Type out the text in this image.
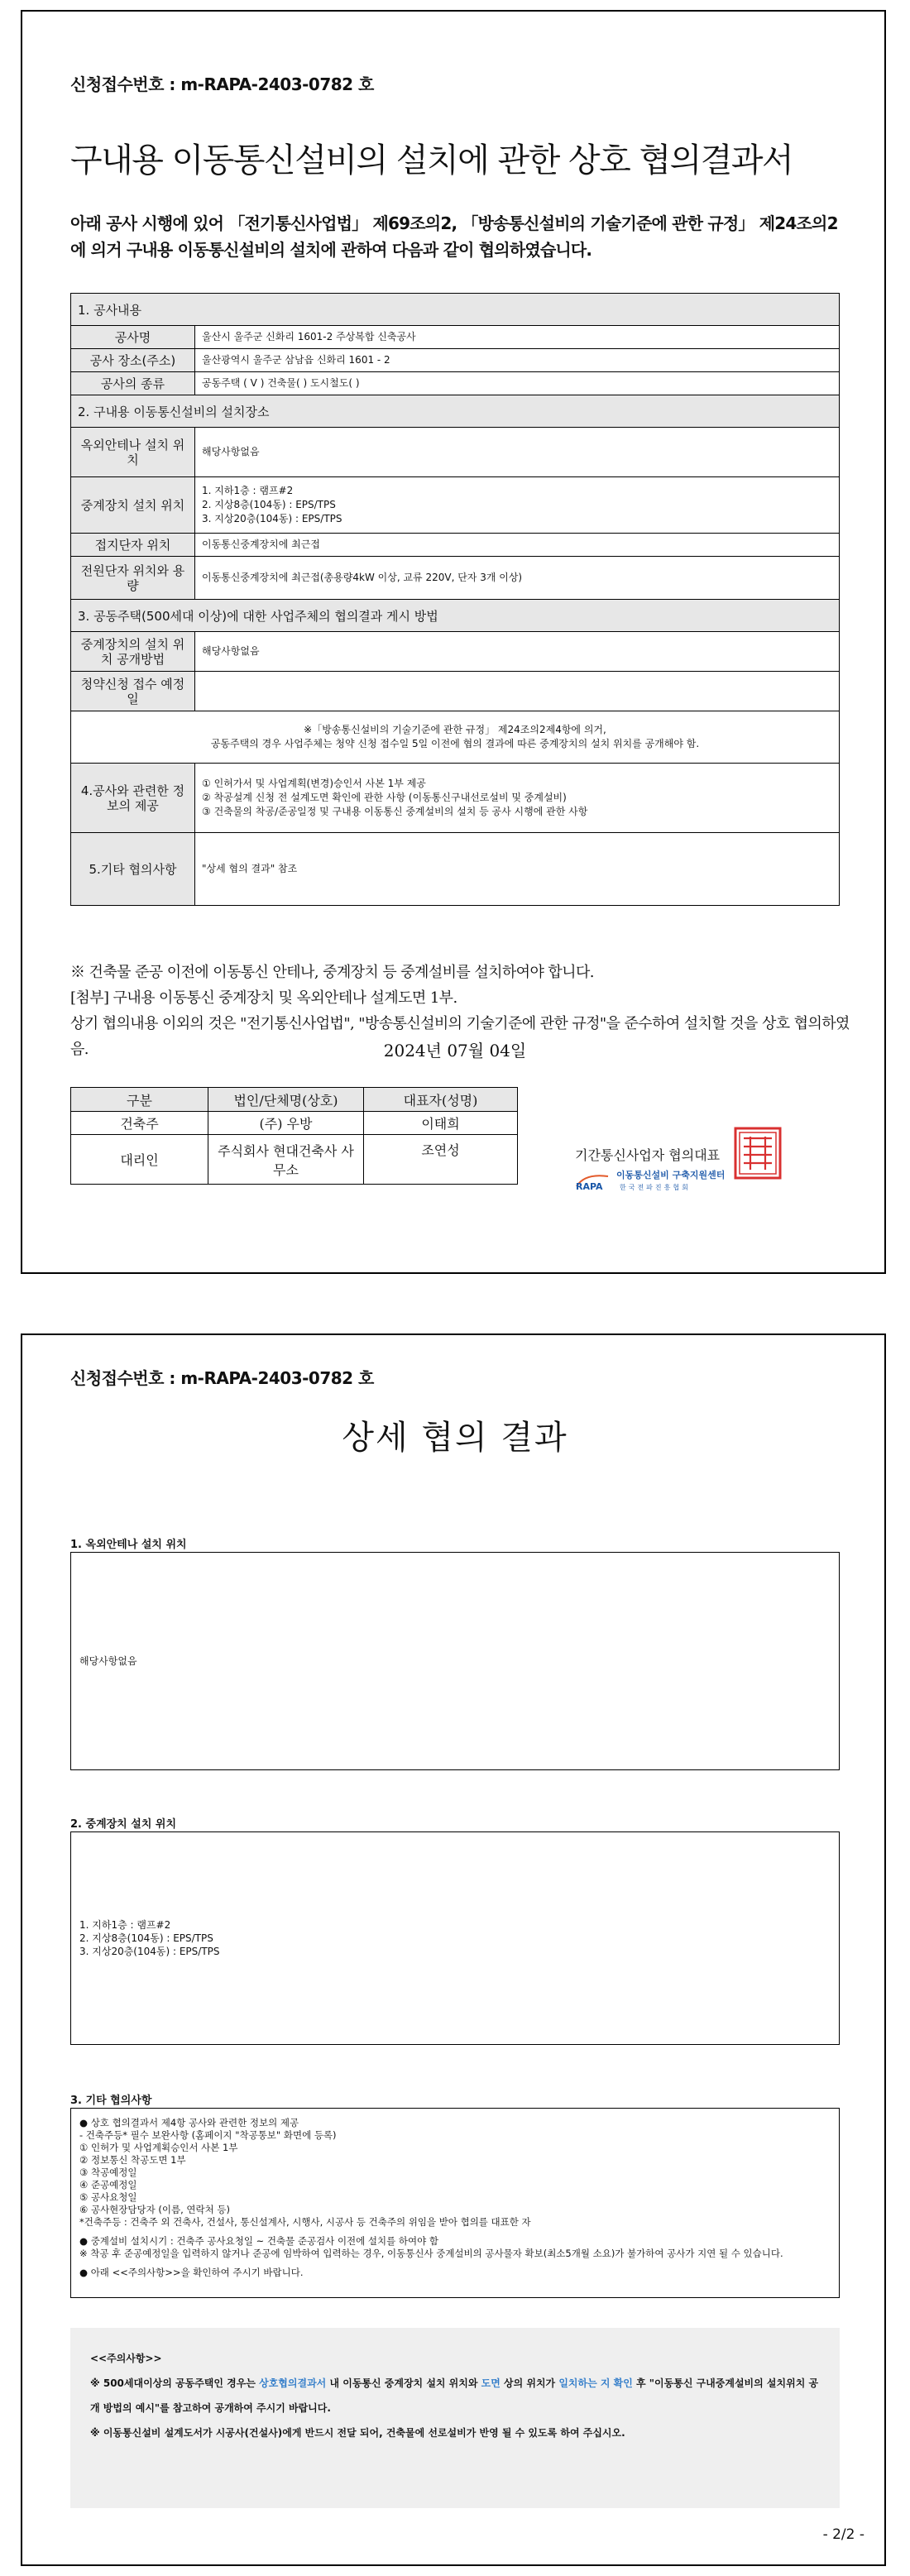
신청접수번호 : m-RAPA-2403-0782 호
구내용 이동통신설비의 설치에 관한 상호 협의결과서
아래 공사 시행에 있어 「전기통신사업법」 제69조의2, 「방송통신설비의 기술기준에 관한 규정」 제24조의2에 의거 구내용 이동통신설비의 설치에 관하여 다음과 같이 협의하였습니다.
1. 공사내용	
공사명	울산시 울주군 신화리 1601-2 주상복합 신축공사
공사 장소(주소)	울산광역시 울주군 삼남읍 신화리 1601 - 2
공사의 종류	공동주택 ( V ) 건축물( ) 도시철도( )
2. 구내용 이동통신설비의 설치장소	
옥외안테나 설치 위치	해당사항없음
중계장치 설치 위치	1. 지하1층 : 램프#2
2. 지상8층(104동) : EPS/TPS
3. 지상20층(104동) : EPS/TPS

접지단자 위치	이동통신중계장치에 최근접
전원단자 위치와 용량	이동통신중계장치에 최근접(총용량4kW 이상, 교류 220V, 단자 3개 이상)
3. 공동주택(500세대 이상)에 대한 사업주체의 협의결과 게시 방법	
중계장치의 설치 위치 공개방법	해당사항없음
청약신청 접수 예정일	

※「방송통신설비의 기술기준에 관한 규정」 제24조의2제4항에 의거,
공동주택의 경우 사업주체는 청약 신청 접수일 5일 이전에 협의 결과에 따른 중계장치의 설치 위치를 공개해야 함.	

4.공사와 관련한 정보의 제공	① 인허가서 및 사업계획(변경)승인서 사본 1부 제공
② 착공설계 신청 전 설계도면 확인에 관한 사항 (이동통신구내선로설비 및 중계설비)
③ 건축물의 착공/준공일정 및 구내용 이동통신 중계설비의 설치 등 공사 시행에 관한 사항

5.기타 협의사항	"상세 협의 결과" 참조
※ 건축물 준공 이전에 이동통신 안테나, 중계장치 등 중계설비를 설치하여야 합니다.
[첨부] 구내용 이동통신 중계장치 및 옥외안테나 설계도면 1부.
상기 협의내용 이외의 것은 "전기통신사업법", "방송통신설비의 기술기준에 관한 규정"을 준수하여 설치할 것을 상호 협의하였음.	2024년 07월 04일
구분	법인/단체명(상호)	대표자(성명)
건축주	(주) 우방	이태희
대리인	주식회사 현대건축사 사무소	조연성	기간통신사업자 협의대표
RAPA
이동통신설비 구축지원센터
한국전파진흥협회
신청접수번호 : m-RAPA-2403-0782 호
상세 협의 결과
1. 옥외안테나 설치 위치
해당사항없음
2. 중계장치 설치 위치
1. 지하1층 : 램프#2
2. 지상8층(104동) : EPS/TPS
3. 지상20층(104동) : EPS/TPS
3. 기타 협의사항
● 상호 협의결과서 제4항 공사와 관련한 정보의 제공
- 건축주등* 필수 보완사항 (홈페이지 "착공통보" 화면에 등록)
① 인허가 및 사업계획승인서 사본 1부
② 정보통신 착공도면 1부
③ 착공예정일
④ 준공예정일
⑤ 공사요청일
⑥ 공사현장담당자 (이름, 연락처 등)
*건축주등 : 건축주 외 건축사, 건설사, 통신설계사, 시행사, 시공사 등 건축주의 위임을 받아 협의를 대표한 자
● 중계설비 설치시기 : 건축주 공사요청일 ~ 건축물 준공검사 이전에 설치를 하여야 함
※ 착공 후 준공예정일을 입력하지 않거나 준공에 임박하여 입력하는 경우, 이동통신사 중계설비의 공사물자 확보(최소5개월 소요)가 불가하여 공사가 지연 될 수 있습니다.
● 아래 <<주의사항>>을 확인하여 주시기 바랍니다.
<<주의사항>>
※ 500세대이상의 공동주택인 경우는 상호협의결과서 내 이동통신 중계장치 설치 위치와 도면 상의 위치가 일치하는 지 확인 후 "이동통신 구내중계설비의 설치위치 공개 방법의 예시"를 참고하여 공개하여 주시기 바랍니다.
※ 이동통신설비 설계도서가 시공사(건설사)에게 반드시 전달 되어, 건축물에 선로설비가 반영 될 수 있도록 하여 주십시오.
- 2/2 -
